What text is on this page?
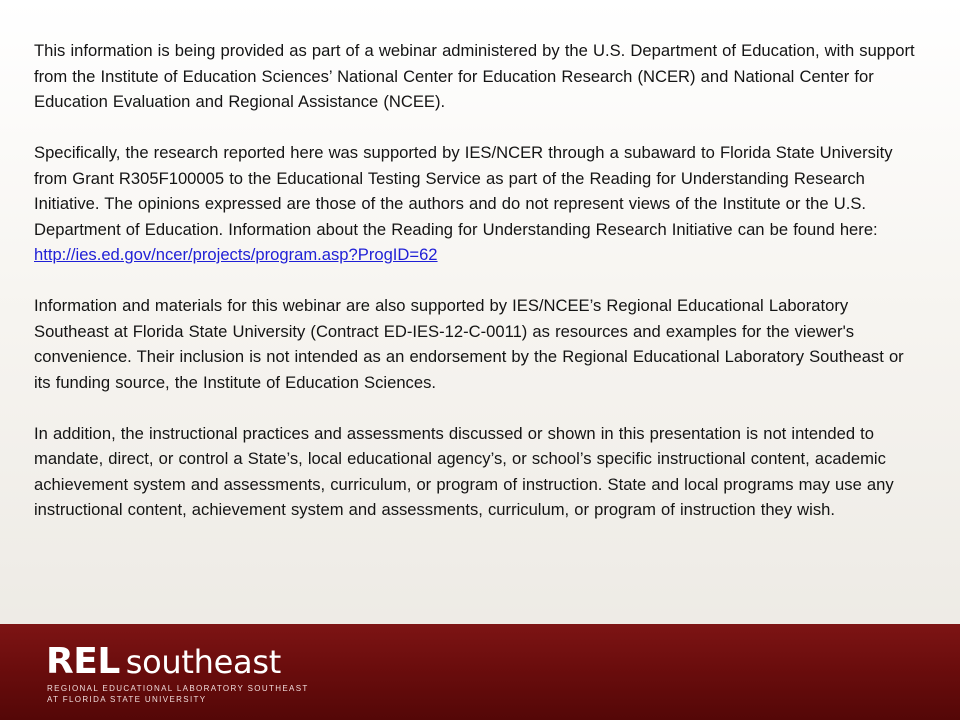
This information is being provided as part of a webinar administered by the U.S. Department of Education, with support from the Institute of Education Sciences’ National Center for Education Research (NCER) and National Center for Education Evaluation and Regional Assistance (NCEE).

Specifically, the research reported here was supported by IES/NCER through a subaward to Florida State University from Grant R305F100005 to the Educational Testing Service as part of the Reading for Understanding Research Initiative. The opinions expressed are those of the authors and do not represent views of the Institute or the U.S. Department of Education. Information about the Reading for Understanding Research Initiative can be found here:
http://ies.ed.gov/ncer/projects/program.asp?ProgID=62

Information and materials for this webinar are also supported by IES/NCEE’s Regional Educational Laboratory Southeast at Florida State University (Contract ED-IES-12-C-0011) as resources and examples for the viewer's convenience. Their inclusion is not intended as an endorsement by the Regional Educational Laboratory Southeast or its funding source, the Institute of Education Sciences.

In addition, the instructional practices and assessments discussed or shown in this presentation is not intended to mandate, direct, or control a State’s, local educational agency’s, or school’s specific instructional content, academic achievement system and assessments, curriculum, or program of instruction. State and local programs may use any instructional content, achievement system and assessments, curriculum, or program of instruction they wish.

REL southeast
REGIONAL EDUCATIONAL LABORATORY SOUTHEAST
AT FLORIDA STATE UNIVERSITY
